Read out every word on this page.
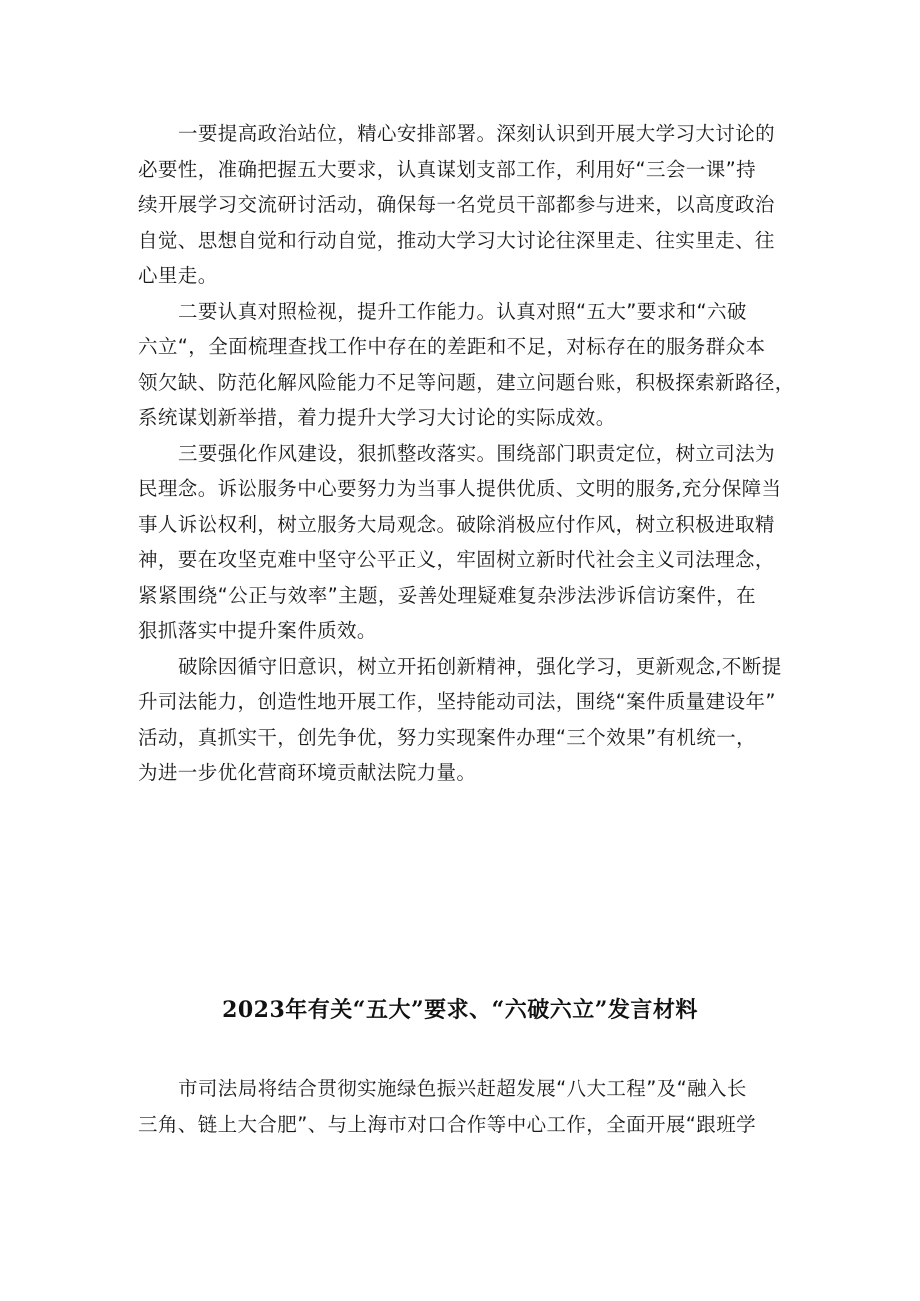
一要提高政治站位，精心安排部署。深刻认识到开展大学习大讨论的
必要性，准确把握五大要求，认真谋划支部工作，利用好“三会一课”持
续开展学习交流研讨活动，确保每一名党员干部都参与进来，以高度政治
自觉、思想自觉和行动自觉，推动大学习大讨论往深里走、往实里走、往
心里走。

二要认真对照检视，提升工作能力。认真对照“五大”要求和“六破
六立“，全面梳理查找工作中存在的差距和不足，对标存在的服务群众本
领欠缺、防范化解风险能力不足等问题，建立问题台账，积极探索新路径，
系统谋划新举措，着力提升大学习大讨论的实际成效。

三要强化作风建设，狠抓整改落实。围绕部门职责定位，树立司法为
民理念。诉讼服务中心要努力为当事人提供优质、文明的服务,充分保障当
事人诉讼权利，树立服务大局观念。破除消极应付作风，树立积极进取精
神，要在攻坚克难中坚守公平正义，牢固树立新时代社会主义司法理念，
紧紧围绕“公正与效率”主题，妥善处理疑难复杂涉法涉诉信访案件，在
狠抓落实中提升案件质效。

破除因循守旧意识，树立开拓创新精神，强化学习，更新观念,不断提
升司法能力，创造性地开展工作，坚持能动司法，围绕“案件质量建设年”
活动，真抓实干，创先争优，努力实现案件办理“三个效果”有机统一，
为进一步优化营商环境贡献法院力量。

2023年有关“五大”要求、“六破六立”发言材料

市司法局将结合贯彻实施绿色振兴赶超发展“八大工程”及“融入长
三角、链上大合肥”、与上海市对口合作等中心工作，全面开展“跟班学
